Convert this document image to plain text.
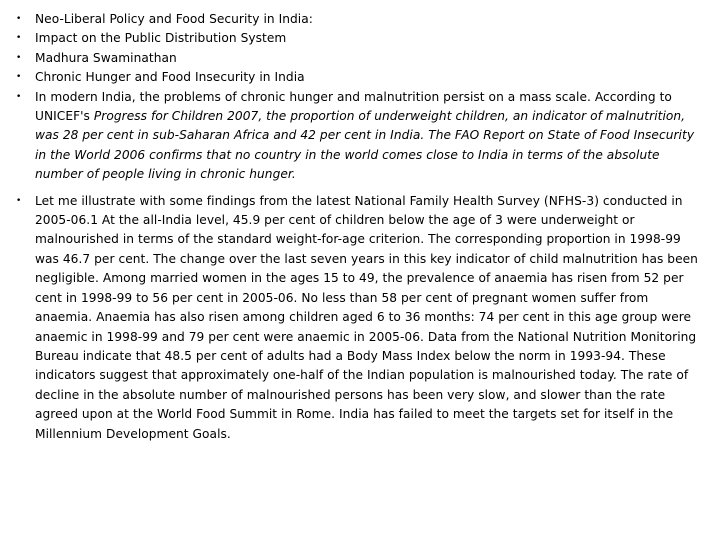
• Neo-Liberal Policy and Food Security in India:
• Impact on the Public Distribution System
• Madhura Swaminathan
• Chronic Hunger and Food Insecurity in India
• In modern India, the problems of chronic hunger and malnutrition persist on a mass scale. According to UNICEF's Progress for Children 2007, the proportion of underweight children, an indicator of malnutrition, was 28 per cent in sub-Saharan Africa and 42 per cent in India. The FAO Report on State of Food Insecurity in the World 2006 confirms that no country in the world comes close to India in terms of the absolute number of people living in chronic hunger.
• Let me illustrate with some findings from the latest National Family Health Survey (NFHS-3) conducted in 2005-06.1 At the all-India level, 45.9 per cent of children below the age of 3 were underweight or malnourished in terms of the standard weight-for-age criterion. The corresponding proportion in 1998-99 was 46.7 per cent. The change over the last seven years in this key indicator of child malnutrition has been negligible. Among married women in the ages 15 to 49, the prevalence of anaemia has risen from 52 per cent in 1998-99 to 56 per cent in 2005-06. No less than 58 per cent of pregnant women suffer from anaemia. Anaemia has also risen among children aged 6 to 36 months: 74 per cent in this age group were anaemic in 1998-99 and 79 per cent were anaemic in 2005-06. Data from the National Nutrition Monitoring Bureau indicate that 48.5 per cent of adults had a Body Mass Index below the norm in 1993-94. These indicators suggest that approximately one-half of the Indian population is malnourished today. The rate of decline in the absolute number of malnourished persons has been very slow, and slower than the rate agreed upon at the World Food Summit in Rome. India has failed to meet the targets set for itself in the Millennium Development Goals.
